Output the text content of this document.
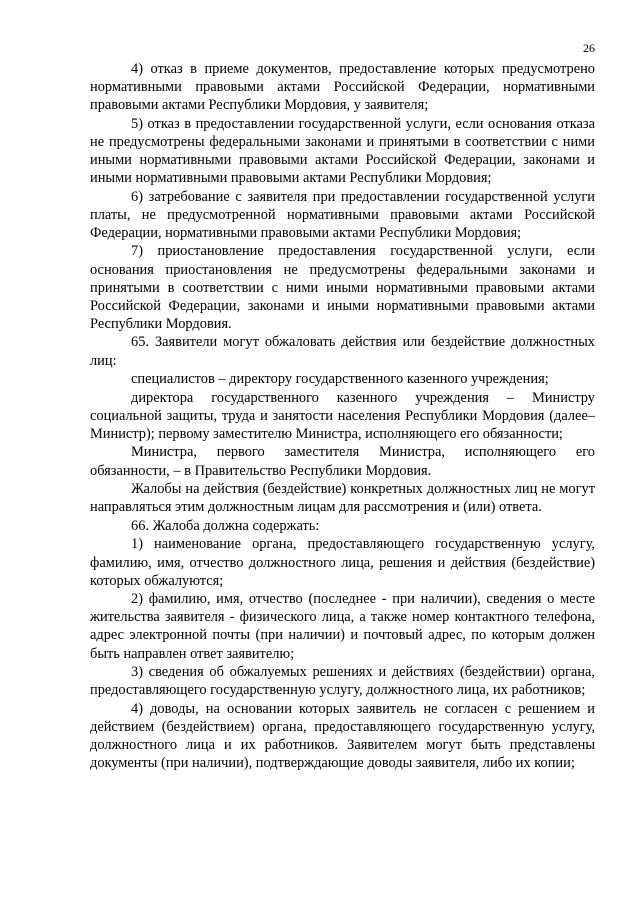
26

4) отказ в приеме документов, предоставление которых предусмотрено нормативными правовыми актами Российской Федерации, нормативными правовыми актами Республики Мордовия, у заявителя;

5) отказ в предоставлении государственной услуги, если основания отказа не предусмотрены федеральными законами и принятыми в соответствии с ними иными нормативными правовыми актами Российской Федерации, законами и иными нормативными правовыми актами Республики Мордовия;

6) затребование с заявителя при предоставлении государственной услуги платы, не предусмотренной нормативными правовыми актами Российской Федерации, нормативными правовыми актами Республики Мордовия;

7) приостановление предоставления государственной услуги, если основания приостановления не предусмотрены федеральными законами и принятыми в соответствии с ними иными нормативными правовыми актами Российской Федерации, законами и иными нормативными правовыми актами Республики Мордовия.

65. Заявители могут обжаловать действия или бездействие должностных лиц:

специалистов – директору государственного казенного учреждения;

директора государственного казенного учреждения – Министру социальной защиты, труда и занятости населения Республики Мордовия (далее–Министр); первому заместителю Министра, исполняющего его обязанности;

Министра, первого заместителя Министра, исполняющего его обязанности, – в Правительство Республики Мордовия.

Жалобы на действия (бездействие) конкретных должностных лиц не могут направляться этим должностным лицам для рассмотрения и (или) ответа.

66. Жалоба должна содержать:

1) наименование органа, предоставляющего государственную услугу, фамилию, имя, отчество должностного лица, решения и действия (бездействие) которых обжалуются;

2) фамилию, имя, отчество (последнее - при наличии), сведения о месте жительства заявителя - физического лица, а также номер контактного телефона, адрес электронной почты (при наличии) и почтовый адрес, по которым должен быть направлен ответ заявителю;

3) сведения об обжалуемых решениях и действиях (бездействии) органа, предоставляющего государственную услугу, должностного лица, их работников;

4) доводы, на основании которых заявитель не согласен с решением и действием (бездействием) органа, предоставляющего государственную услугу, должностного лица и их работников. Заявителем могут быть представлены документы (при наличии), подтверждающие доводы заявителя, либо их копии;
